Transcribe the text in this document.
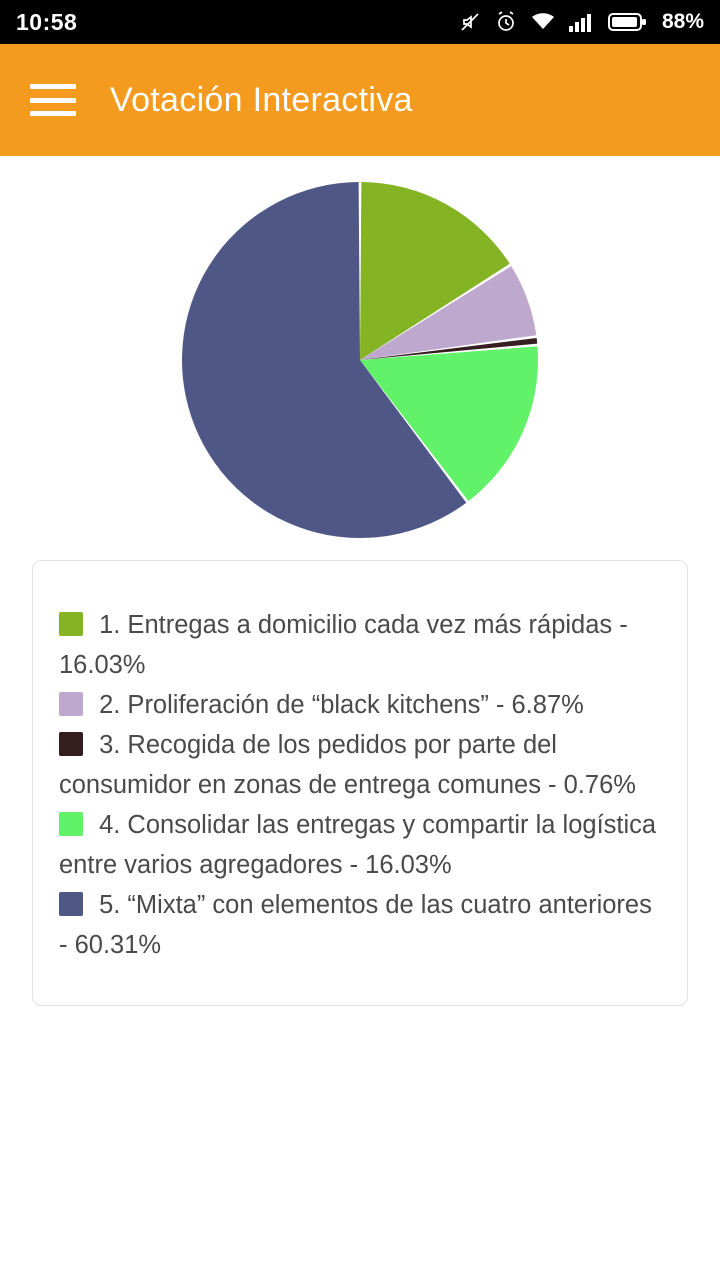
10:58	88%
Votación Interactiva
1. Entregas a domicilio cada vez más rápidas - 16.03%
2. Proliferación de “black kitchens” - 6.87%
3. Recogida de los pedidos por parte del consumidor en zonas de entrega comunes - 0.76%
4. Consolidar las entregas y compartir la logística entre varios agregadores - 16.03%
5. “Mixta” con elementos de las cuatro anteriores - 60.31%
